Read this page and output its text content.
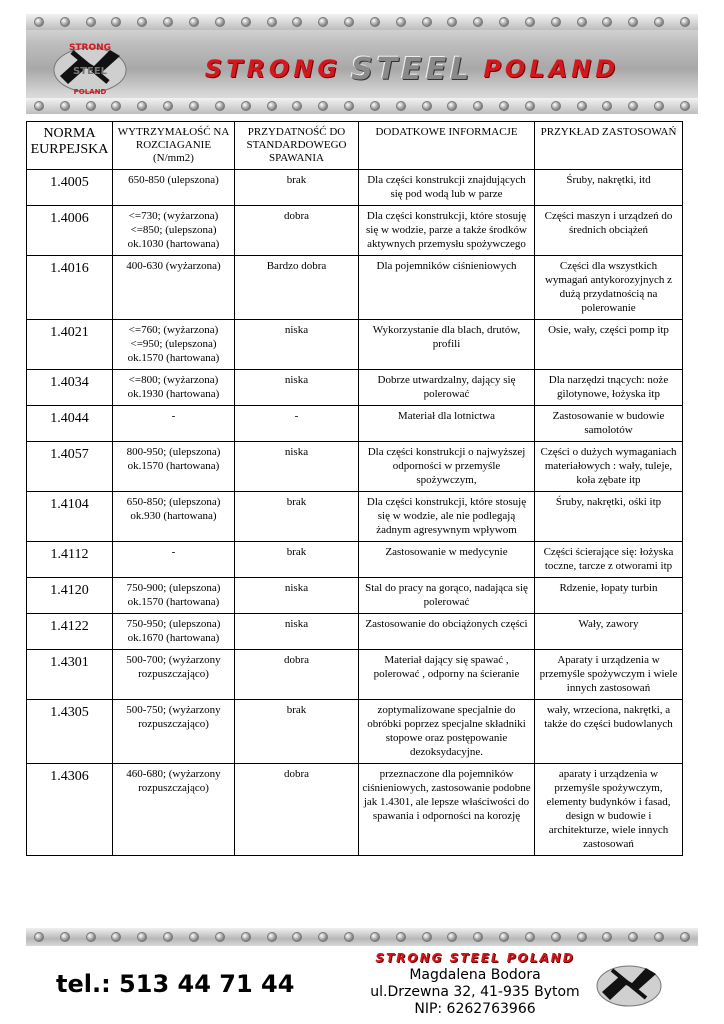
STRONG
STEEL
POLAND
STRONG STEEL POLAND
NORMA EURPEJSKA	WYTRZYMAŁOŚĆ NA ROZCIAGANIE (N/mm2)	PRZYDATNOŚĆ DO STANDARDOWEGO SPAWANIA	DODATKOWE INFORMACJE	PRZYKŁAD ZASTOSOWAŃ
1.4005	650-850 (ulepszona)	brak	Dla części konstrukcji znajdujących się pod wodą lub w parze	Śruby, nakrętki, itd
1.4006	<=730; (wyżarzona) <=850; (ulepszona) ok.1030 (hartowana)	dobra	Dla części konstrukcji, które stosuję się w wodzie, parze a także środków aktywnych przemysłu spożywczego	Części maszyn i urządzeń do średnich obciążeń
1.4016	400-630 (wyżarzona)	Bardzo dobra	Dla pojemników ciśnieniowych	Części dla wszystkich wymagań antykorozyjnych z dużą przydatnością na polerowanie
1.4021	<=760; (wyżarzona) <=950; (ulepszona) ok.1570 (hartowana)	niska	Wykorzystanie dla blach, drutów, profili	Osie, wały, części pomp itp
1.4034	<=800; (wyżarzona) ok.1930 (hartowana)	niska	Dobrze utwardzalny, dający się polerować	Dla narzędzi tnących: noże gilotynowe, łożyska itp
1.4044	-	-	Materiał dla lotnictwa	Zastosowanie w budowie samolotów
1.4057	800-950; (ulepszona) ok.1570 (hartowana)	niska	Dla części konstrukcji o najwyższej odporności w przemyśle spożywczym,	Części o dużych wymaganiach materiałowych : wały, tuleje, koła zębate itp
1.4104	650-850; (ulepszona) ok.930 (hartowana)	brak	Dla części konstrukcji, które stosuję się w wodzie, ale nie podlegają żadnym agresywnym wpływom	Śruby, nakrętki, ośki itp
1.4112	-	brak	Zastosowanie w medycynie	Części ścierające się: łożyska toczne, tarcze z otworami itp
1.4120	750-900; (ulepszona) ok.1570 (hartowana)	niska	Stal do pracy na gorąco, nadająca się polerować	Rdzenie, łopaty turbin
1.4122	750-950; (ulepszona) ok.1670 (hartowana)	niska	Zastosowanie do obciążonych części	Wały, zawory
1.4301	500-700; (wyżarzony rozpuszczająco)	dobra	Materiał dający się spawać , polerować , odporny na ścieranie	Aparaty i urządzenia w przemyśle spożywczym i wiele innych zastosowań
1.4305	500-750; (wyżarzony rozpuszczająco)	brak	zoptymalizowane specjalnie do obróbki poprzez specjalne składniki stopowe oraz postępowanie dezoksydacyjne.	wały, wrzeciona, nakrętki, a także do części budowlanych
1.4306	460-680; (wyżarzony rozpuszczająco)	dobra	przeznaczone dla pojemników ciśnieniowych, zastosowanie podobne jak 1.4301, ale lepsze właściwości do spawania i odporności na korozję	aparaty i urządzenia w przemyśle spożywczym, elementy budynków i fasad, design w budowie i architekturze, wiele innych zastosowań
tel.: 513 44 71 44
STRONG STEEL POLAND
Magdalena Bodora
ul.Drzewna 32, 41-935 Bytom
NIP: 6262763966
